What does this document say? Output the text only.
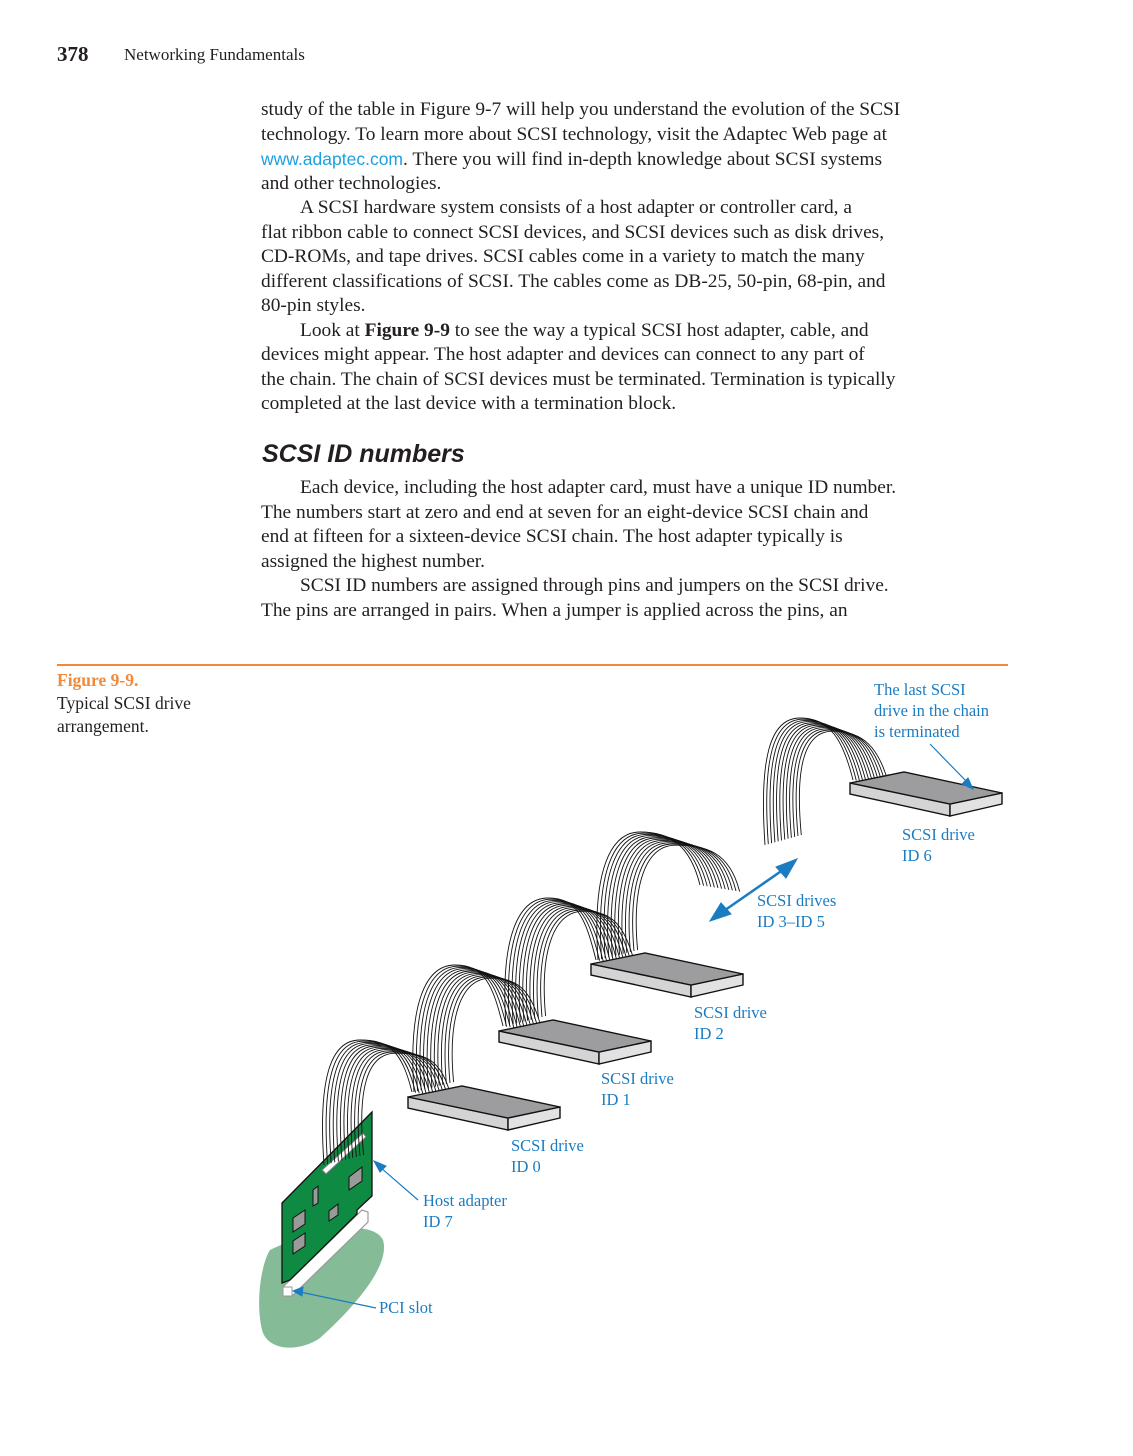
378 Networking Fundamentals
study of the table in Figure 9-7 will help you understand the evolution of the SCSI
technology. To learn more about SCSI technology, visit the Adaptec Web page at
www.adaptec.com. There you will find in-depth knowledge about SCSI systems
and other technologies.
A SCSI hardware system consists of a host adapter or controller card, a
flat ribbon cable to connect SCSI devices, and SCSI devices such as disk drives,
CD-ROMs, and tape drives. SCSI cables come in a variety to match the many
different classifications of SCSI. The cables come as DB-25, 50-pin, 68-pin, and
80-pin styles.
Look at Figure 9-9 to see the way a typical SCSI host adapter, cable, and
devices might appear. The host adapter and devices can connect to any part of
the chain. The chain of SCSI devices must be terminated. Termination is typically
completed at the last device with a termination block.
SCSI ID numbers
Each device, including the host adapter card, must have a unique ID number.
The numbers start at zero and end at seven for an eight-device SCSI chain and
end at fifteen for a sixteen-device SCSI chain. The host adapter typically is
assigned the highest number.
SCSI ID numbers are assigned through pins and jumpers on the SCSI drive.
The pins are arranged in pairs. When a jumper is applied across the pins, an
Figure 9-9.
Typical SCSI drive
arrangement.
The last SCSI
drive in the chain
is terminated
SCSI drive
ID 6
SCSI drives
ID 3–ID 5
SCSI drive
ID 2
SCSI drive
ID 1
SCSI drive
ID 0
Host adapter
ID 7
PCI slot
